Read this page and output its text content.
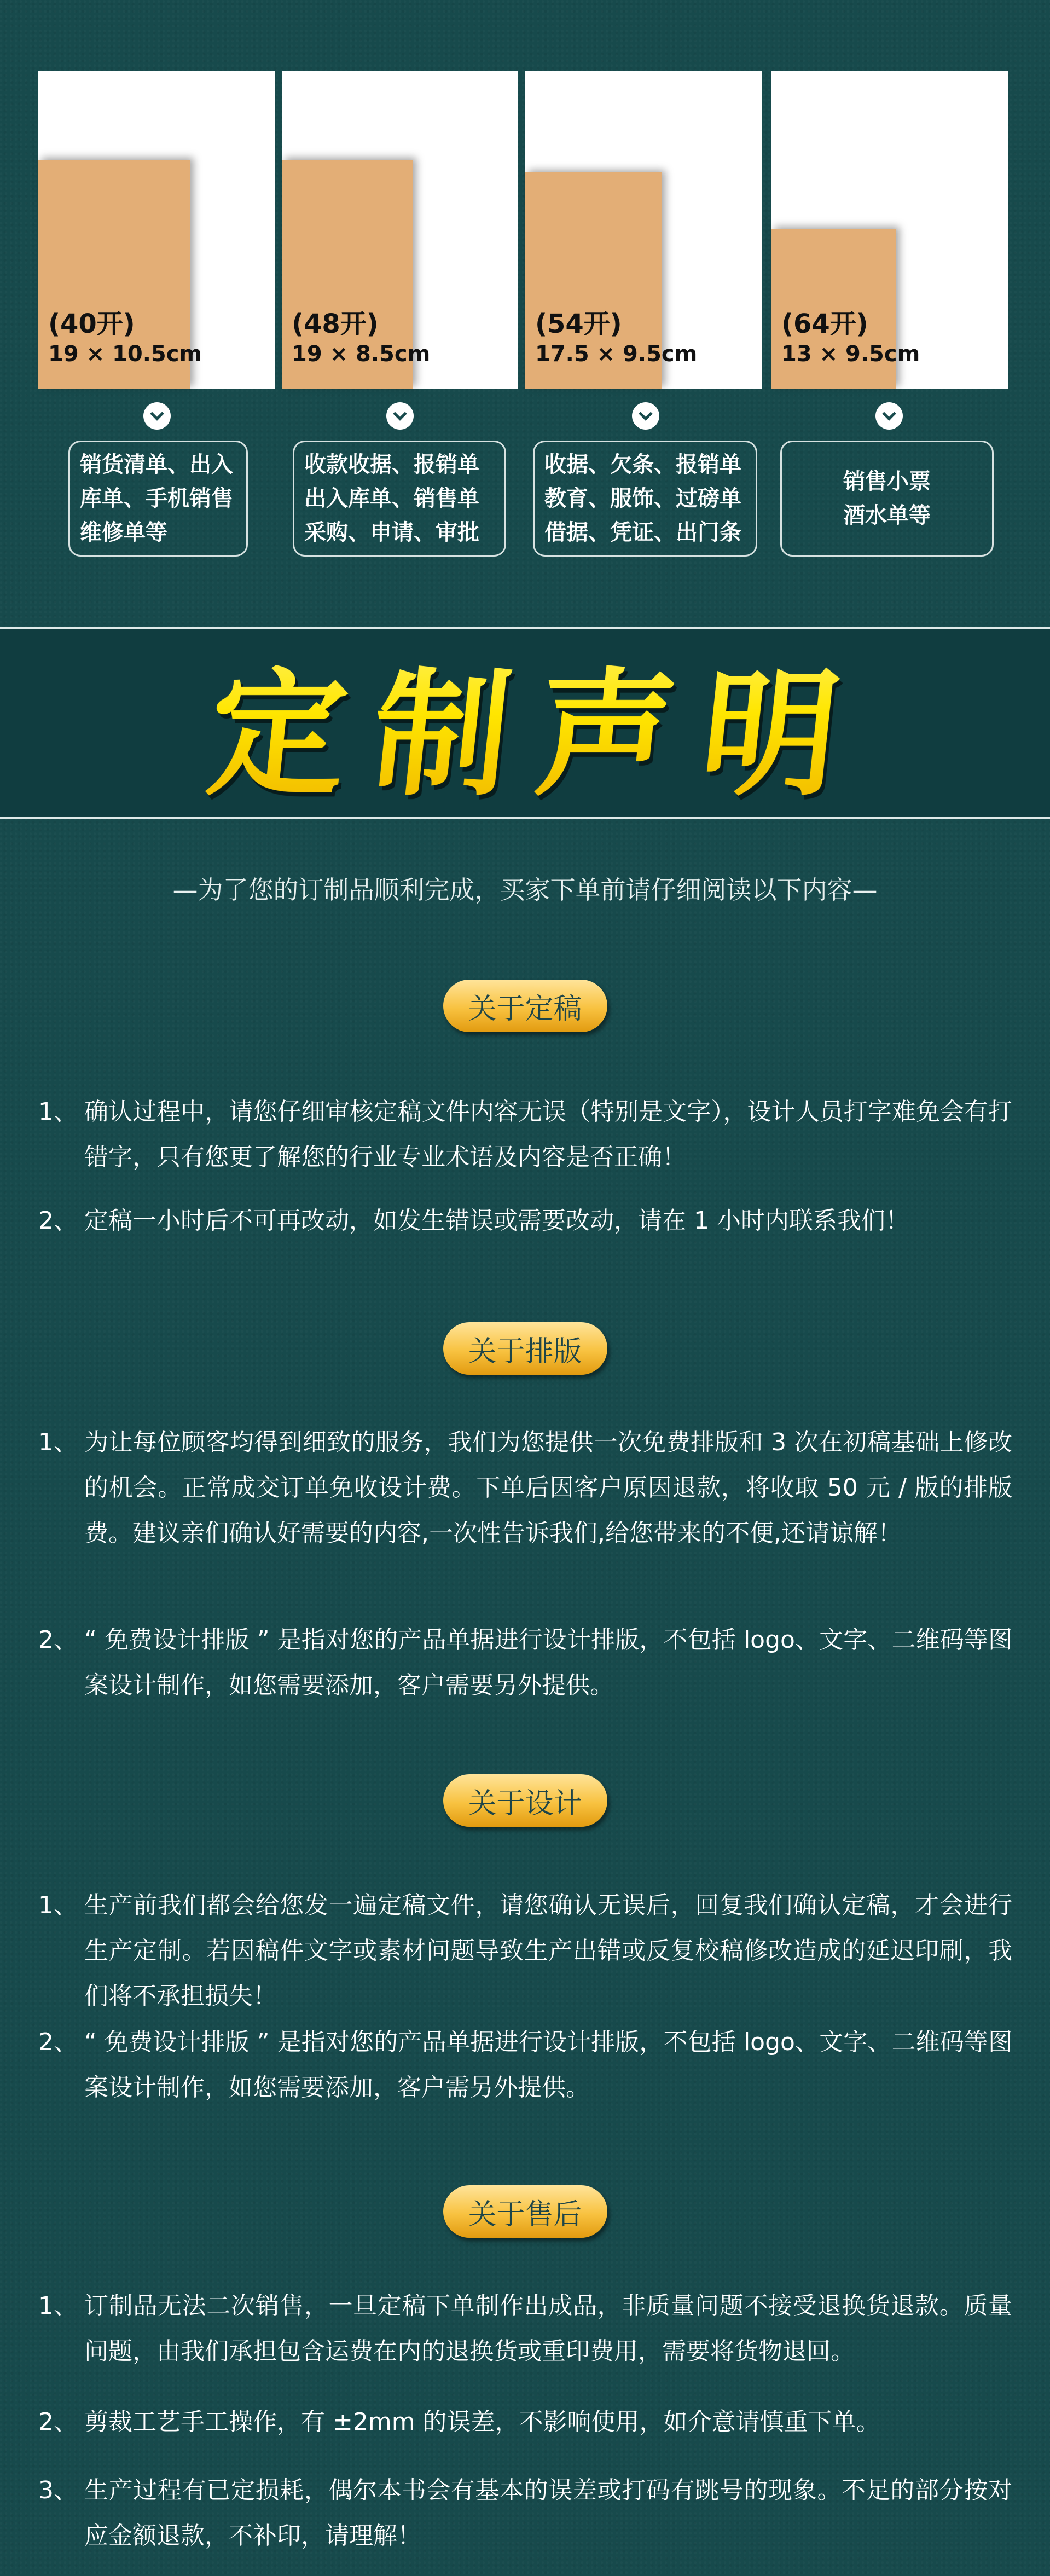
(40开)
19 × 10.5cm
(48开)
19 × 8.5cm
(54开)
17.5 × 9.5cm
(64开)
13 × 9.5cm
销货清单、出入
库单、手机销售
维修单等
收款收据、报销单
出入库单、销售单
采购、申请、审批
收据、欠条、报销单
教育、服饰、过磅单
借据、凭证、出门条
销售小票
酒水单等
定制声明
—为了您的订制品顺利完成，买家下单前请仔细阅读以下内容—
关于定稿
1、 确认过程中，请您仔细审核定稿文件内容无误（特别是文字），设计人员打字难免会有打错字，只有您更了解您的行业专业术语及内容是否正确！
2、 定稿一小时后不可再改动，如发生错误或需要改动，请在 1 小时内联系我们！
关于排版
1、 为让每位顾客均得到细致的服务，我们为您提供一次免费排版和 3 次在初稿基础上修改的机会。正常成交订单免收设计费。下单后因客户原因退款，将收取 50 元 / 版的排版费。建议亲们确认好需要的内容,一次性告诉我们,给您带来的不便,还请谅解！
2、 “ 免费设计排版 ” 是指对您的产品单据进行设计排版，不包括 logo、文字、二维码等图案设计制作，如您需要添加，客户需要另外提供。
关于设计
1、 生产前我们都会给您发一遍定稿文件，请您确认无误后，回复我们确认定稿，才会进行生产定制。若因稿件文字或素材问题导致生产出错或反复校稿修改造成的延迟印刷，我们将不承担损失！
2、 “ 免费设计排版 ” 是指对您的产品单据进行设计排版，不包括 logo、文字、二维码等图案设计制作，如您需要添加，客户需另外提供。
关于售后
1、 订制品无法二次销售，一旦定稿下单制作出成品，非质量问题不接受退换货退款。质量问题，由我们承担包含运费在内的退换货或重印费用，需要将货物退回。
2、 剪裁工艺手工操作，有 ±2mm 的误差，不影响使用，如介意请慎重下单。
3、 生产过程有已定损耗，偶尔本书会有基本的误差或打码有跳号的现象。不足的部分按对应金额退款，不补印，请理解！
